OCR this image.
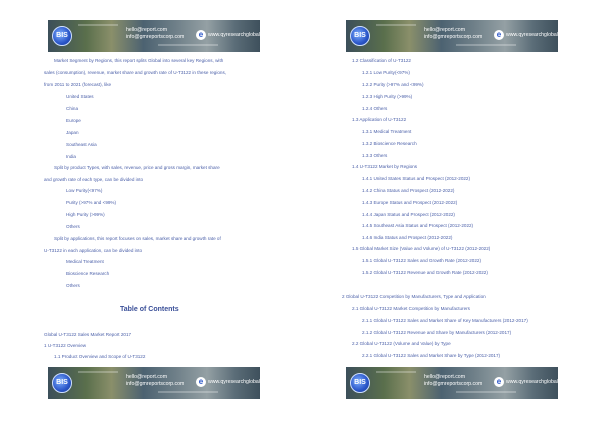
BIS
hello@report.com
info@gmreportscorp.com	e www.qyresearchglobal.com
Market Segment by Regions, this report splits Global into several key Regions, with
sales (consumption), revenue, market share and growth rate of U-T3122 in these regions,
from 2011 to 2021 (forecast), like
United States
China
Europe
Japan
Southeast Asia
India
Split by product Types, with sales, revenue, price and gross margin, market share
and growth rate of each type, can be divided into
Low Purity(<97%)
Purity (>97% and <99%)
High Purity (>99%)
Others
Split by applications, this report focuses on sales, market share and growth rate of
U-T3122 in each application, can be divided into
Medical Treatment
Bioscience Research
Others
Table of Contents
Global U-T3122 Sales Market Report 2017
1 U-T3122 Overview
1.1 Product Overview and Scope of U-T3122
BIS
hello@report.com
info@gmreportscorp.com	e www.qyresearchglobal.com
BIS
hello@report.com
info@gmreportscorp.com	e www.qyresearchglobal.com
1.2 Classification of U-T3122
1.2.1 Low Purity(<97%)
1.2.2 Purity (>97% and <99%)
1.2.3 High Purity (>99%)
1.2.4 Others
1.3 Application of U-T3122
1.3.1 Medical Treatment
1.3.2 Bioscience Research
1.3.3 Others
1.4 U-T3122 Market by Regions
1.4.1 United States Status and Prospect (2012-2022)
1.4.2 China Status and Prospect (2012-2022)
1.4.3 Europe Status and Prospect (2012-2022)
1.4.4 Japan Status and Prospect (2012-2022)
1.4.5 Southeast Asia Status and Prospect (2012-2022)
1.4.6 India Status and Prospect (2012-2022)
1.5 Global Market Size (Value and Volume) of U-T3122 (2012-2022)
1.5.1 Global U-T3122 Sales and Growth Rate (2012-2022)
1.5.2 Global U-T3122 Revenue and Growth Rate (2012-2022)
2 Global U-T3122 Competition by Manufacturers, Type and Application
2.1 Global U-T3122 Market Competition by Manufacturers
2.1.1 Global U-T3122 Sales and Market Share of Key Manufacturers (2012-2017)
2.1.2 Global U-T3122 Revenue and Share by Manufacturers (2012-2017)
2.2 Global U-T3122 (Volume and Value) by Type
2.2.1 Global U-T3122 Sales and Market Share by Type (2012-2017)
BIS
hello@report.com
info@gmreportscorp.com	e www.qyresearchglobal.com
